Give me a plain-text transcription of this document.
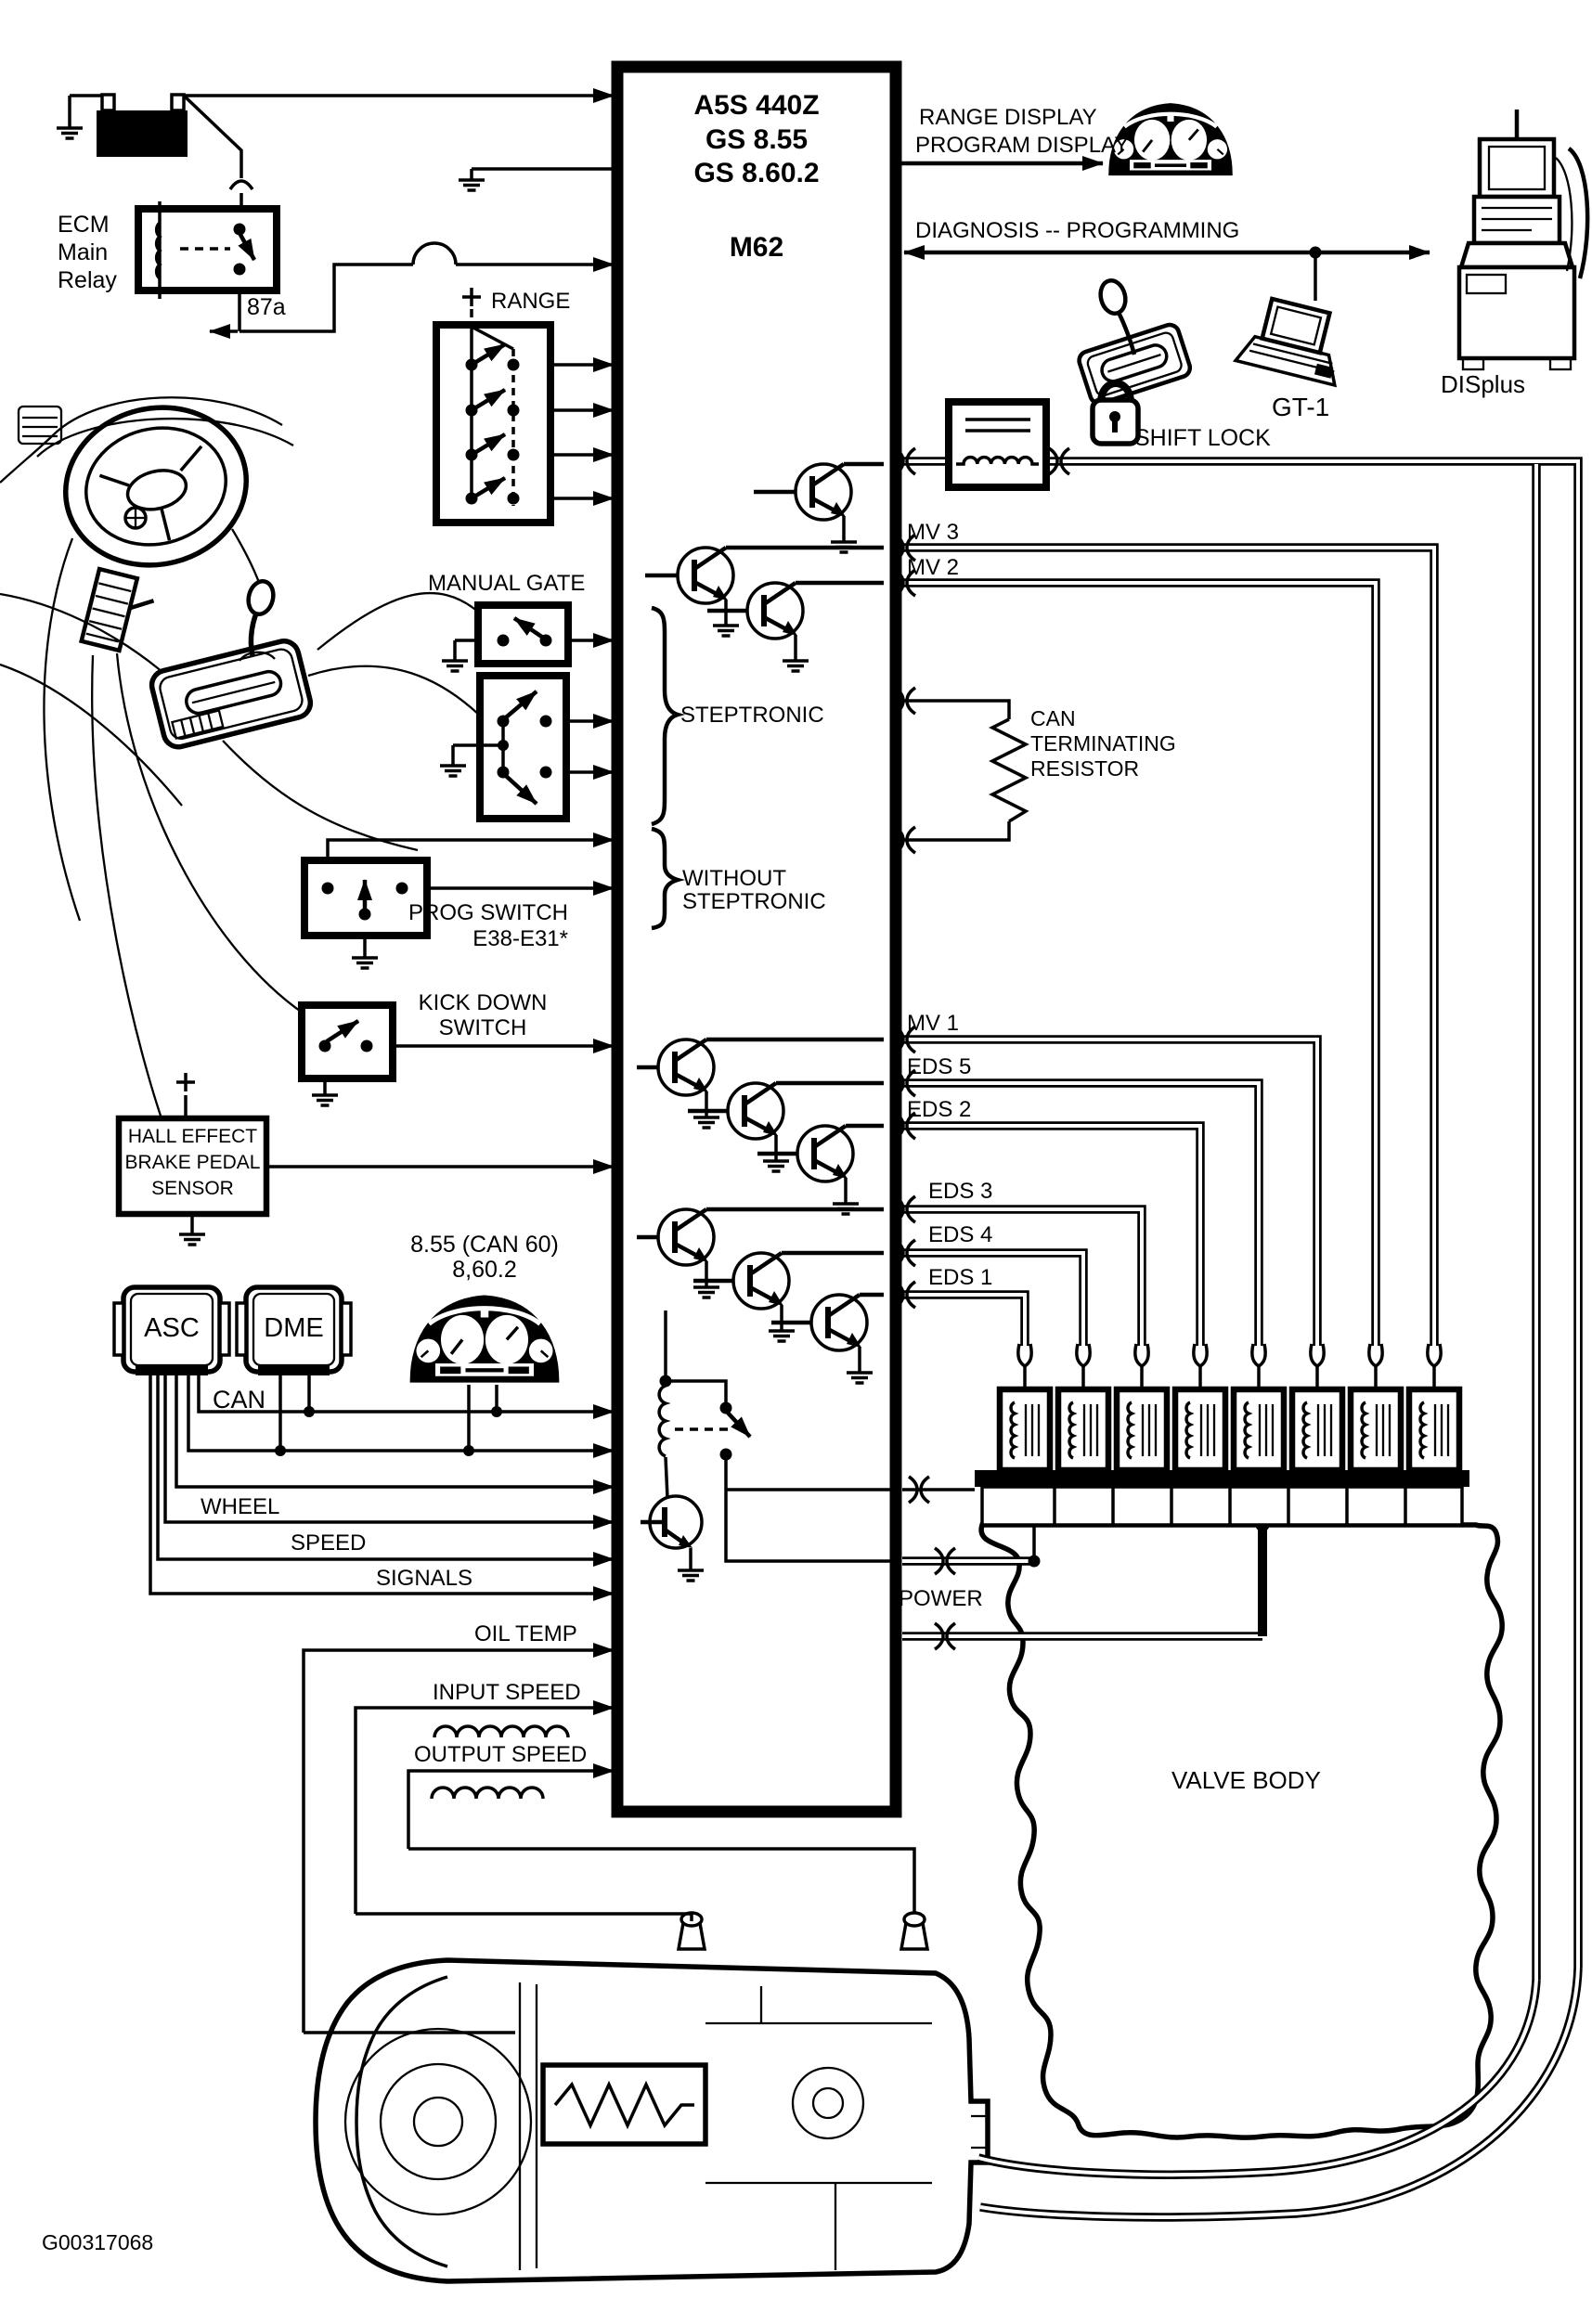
ECM
Main
Relay
87a	RANGE
MANUAL GATE
STEPTRONIC
WITHOUT
STEPTRONIC
PROG SWITCH
E38-E31*
KICK DOWN
SWITCH
HALL EFFECT
BRAKE PEDAL
SENSOR
ASC	DME
CAN
8.55 (CAN 60)
8,60.2
WHEEL
SPEED
SIGNALS
OIL TEMP
INPUT SPEED
OUTPUT SPEED
A5S 440Z
GS 8.55
GS 8.60.2
M62
RANGE DISPLAY
PROGRAM DISPLAY
DIAGNOSIS -- PROGRAMMING
GT-1
DISplus
SHIFT LOCK
MV 3
MV 2
MV 1
EDS 5
EDS 2
EDS 3
EDS 4
EDS 1
CAN
TERMINATING
RESISTOR
POWER
VALVE BODY
G00317068
